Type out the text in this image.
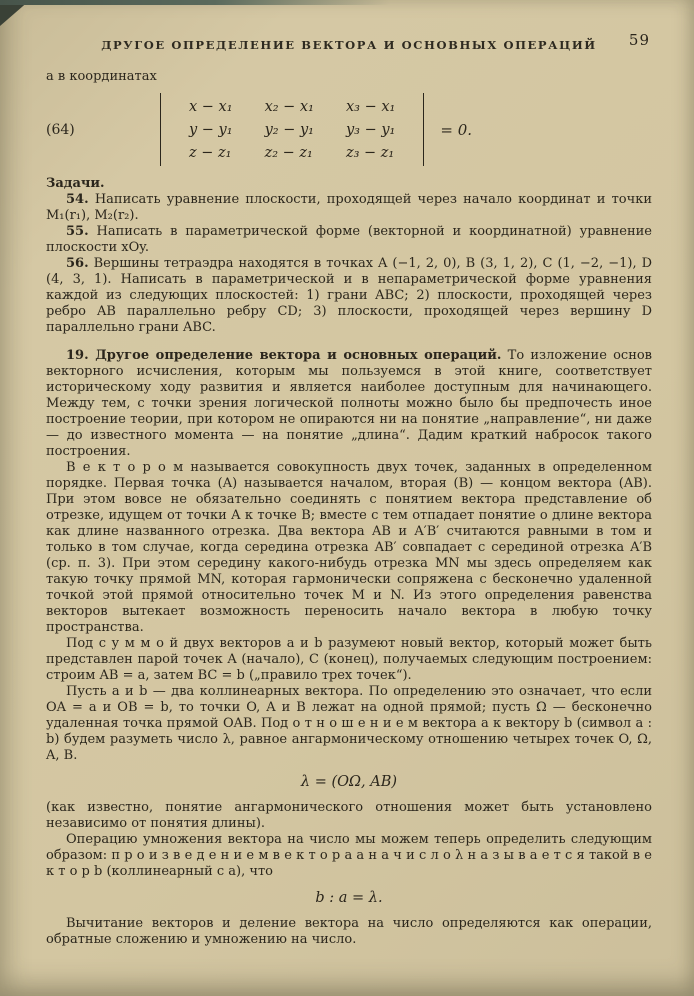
ДРУГОЕ ОПРЕДЕЛЕНИЕ ВЕКТОРА И ОСНОВНЫХ ОПЕРАЦИЙ 59

а в координатах

(64)
x − x₁	x₂ − x₁	x₃ − x₁
y − y₁	y₂ − y₁	y₃ − y₁
z − z₁	z₂ − z₁	z₃ − z₁
= 0.

Задачи.

54. Написать уравнение плоскости, проходящей через начало координат и точки M₁(r₁), M₂(r₂).

55. Написать в параметрической форме (векторной и координатной) уравнение плоскости xOy.

56. Вершины тетраэдра находятся в точках A (−1, 2, 0), B (3, 1, 2), C (1, −2, −1), D (4, 3, 1). Написать в параметрической и в непараметрической форме уравнения каждой из следующих плоскостей: 1) грани ABC; 2) плоскости, проходящей через ребро AB параллельно ребру CD; 3) плоскости, проходящей через вершину D параллельно грани ABC.

19. Другое определение вектора и основных операций. То изложение основ векторного исчисления, которым мы пользуемся в этой книге, соответствует историческому ходу развития и является наиболее доступным для начинающего. Между тем, с точки зрения логической полноты можно было бы предпочесть иное построение теории, при котором не опираются ни на понятие „направление“, ни даже — до известного момента — на понятие „длина“. Дадим краткий набросок такого построения.

В е к т о р о м называется совокупность двух точек, заданных в определенном порядке. Первая точка (A) называется началом, вторая (B) — концом вектора (AB). При этом вовсе не обязательно соединять с понятием вектора представление об отрезке, идущем от точки A к точке B; вместе с тем отпадает понятие о длине вектора как длине названного отрезка. Два вектора AB и A′B′ считаются равными в том и только в том случае, когда середина отрезка AB′ совпадает с серединой отрезка A′B (ср. п. 3). При этом середину какого-нибудь отрезка MN мы здесь определяем как такую точку прямой MN, которая гармонически сопряжена с бесконечно удаленной точкой этой прямой относительно точек M и N. Из этого определения равенства векторов вытекает возможность переносить начало вектора в любую точку пространства.

Под с у м м о й двух векторов a и b разумеют новый вектор, который может быть представлен парой точек A (начало), C (конец), получаемых следующим построением: строим AB = a, затем BC = b („правило трех точек“).

Пусть a и b — два коллинеарных вектора. По определению это означает, что если OA = a и OB = b, то точки O, A и B лежат на одной прямой; пусть Ω — бесконечно удаленная точка прямой OAB. Под о т н о ш е н и е м вектора a к вектору b (символ a : b) будем разуметь число λ, равное ангармоническому отношению четырех точек O, Ω, A, B.

λ = (OΩ, AB)

(как известно, понятие ангармонического отношения может быть установлено независимо от понятия длины).

Операцию умножения вектора на число мы можем теперь определить следующим образом: п р о и з в е д е н и е м в е к т о р а a н а ч и с л о λ н а з ы в а е т с я такой в е к т о р b (коллинеарный с a), что

b : a = λ.

Вычитание векторов и деление вектора на число определяются как операции, обратные сложению и умножению на число.
